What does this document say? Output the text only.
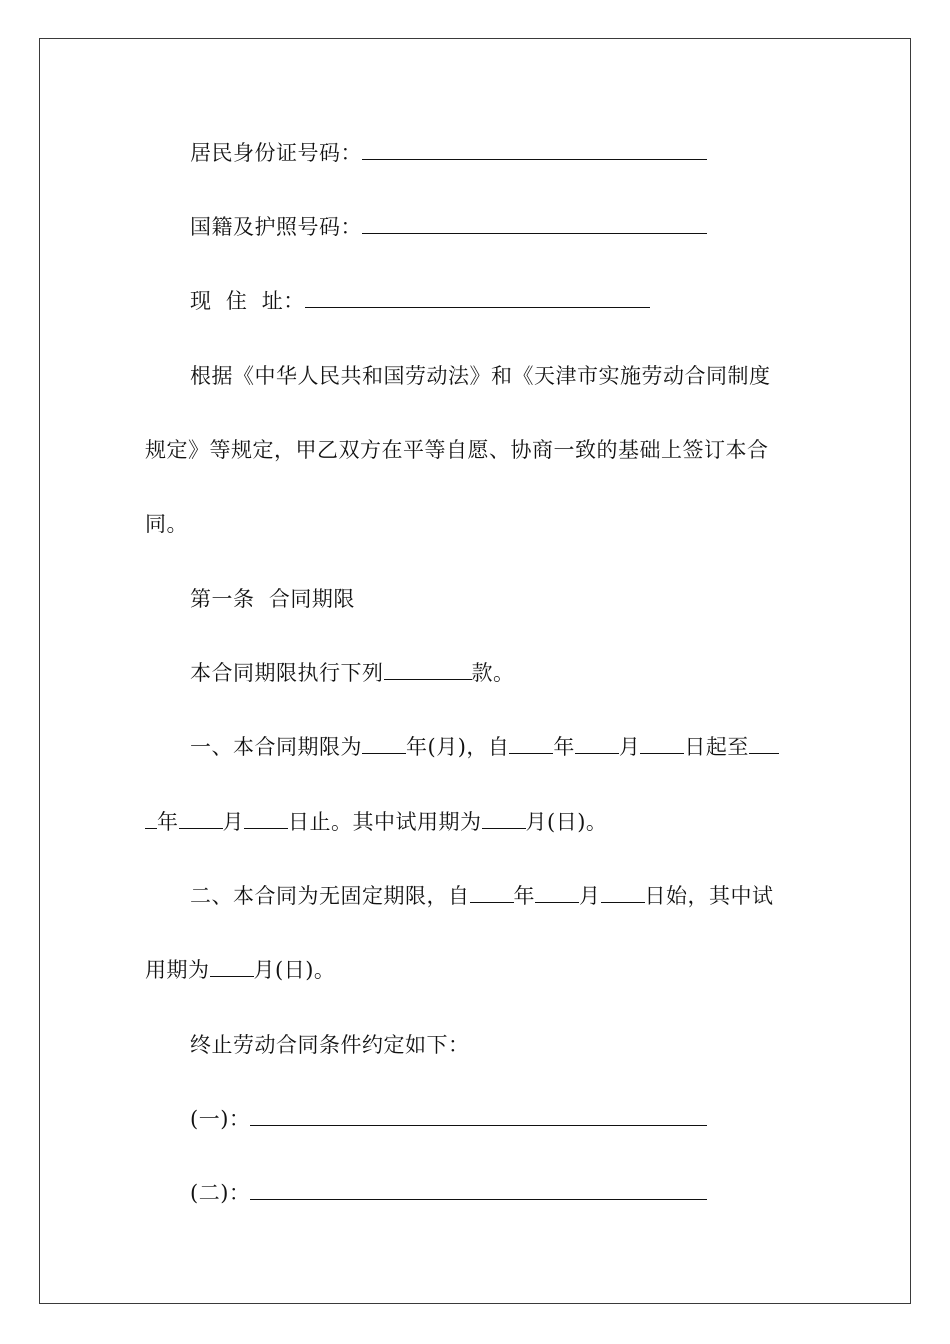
居民身份证号码：
国籍及护照号码：
现  住  址：
根据《中华人民共和国劳动法》和《天津市实施劳动合同制度
规定》等规定，甲乙双方在平等自愿、协商一致的基础上签订本合
同。
第一条  合同期限
本合同期限执行下列	款。
一、本合同期限为 年(月)，自 年 月 日起至
年 月 日止。其中试用期为 月(日)。
二、本合同为无固定期限，自 年 月 日始，其中试
用期为 月(日)。
终止劳动合同条件约定如下：
(一)：
(二)：
